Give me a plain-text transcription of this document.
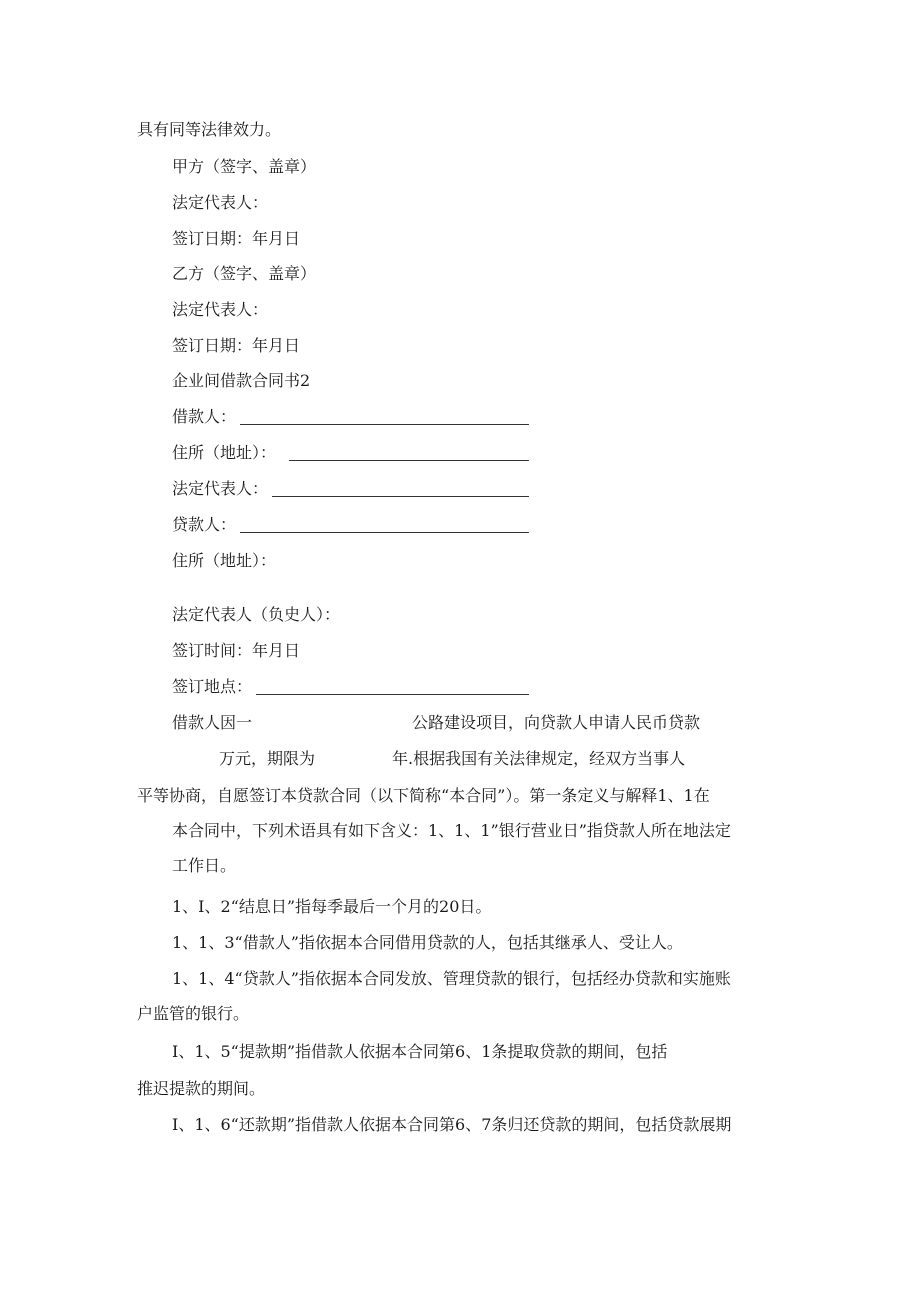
具有同等法律效力。
甲方（签字、盖章）
法定代表人：
签订日期：年月日
乙方（签字、盖章）
法定代表人：
签订日期：年月日
企业间借款合同书2
借款人：
住所（地址）：
法定代表人：
贷款人：
住所（地址）：
法定代表人（负史人）：
签订时间：年月日
签订地点：
借款人因一	公路建设项目，向贷款人申请人民币贷款
万元，期限为	年.根据我国有关法律规定，经双方当事人
平等协商，自愿签订本贷款合同（以下简称“本合同”）。第一条定义与解释1、1在
本合同中，下列术语具有如下含义：1、1、1”银行营业日”指贷款人所在地法定
工作日。
1、I、2“结息日”指每季最后一个月的20日。
1、1、3“借款人”指依据本合同借用贷款的人，包括其继承人、受让人。
1、1、4“贷款人”指依据本合同发放、管理贷款的银行，包括经办贷款和实施账
户监管的银行。
I、1、5“提款期”指借款人依据本合同第6、1条提取贷款的期间，包括
推迟提款的期间。
I、1、6“还款期”指借款人依据本合同第6、7条归还贷款的期间，包括贷款展期
